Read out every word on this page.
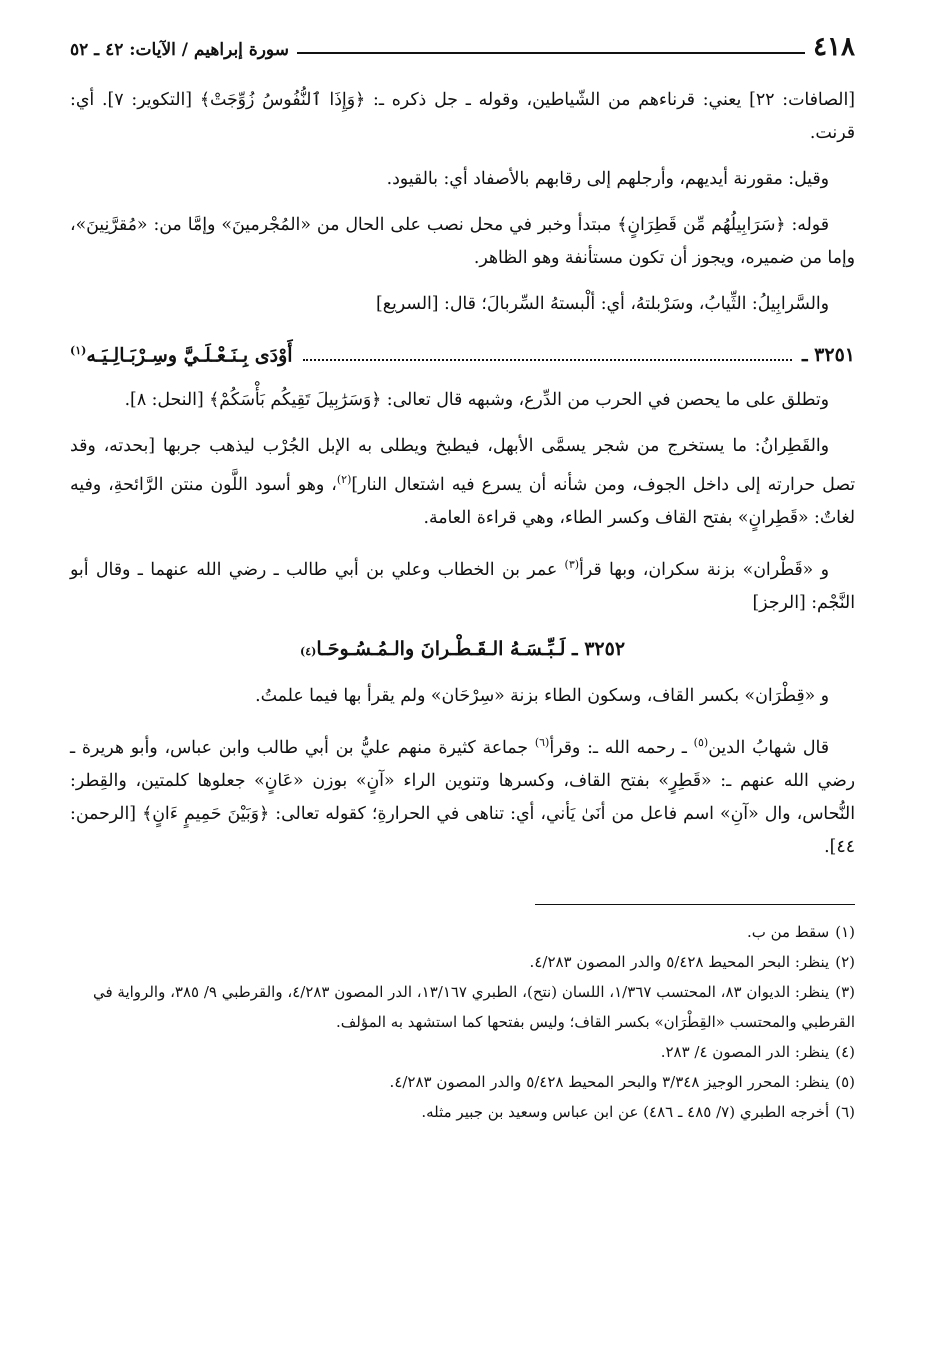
٤١٨
سورة إبراهيم / الآيات: ٤٢ ـ ٥٢

[الصافات: ٢٢] يعني: قرناءهم من الشّياطين، وقوله ـ جل ذكره ـ: ﴿وَإِذَا ٱلنُّفُوسُ زُوِّجَتْ﴾ [التكوير: ٧]. أي: قرنت.

وقيل: مقورنة أيديهم، وأرجلهم إلى رقابهم بالأصفاد أي: بالقيود.

قوله: ﴿سَرَابِيلُهُم مِّن قَطِرَانٍ﴾ مبتدأ وخبر في محل نصب على الحال من «المُجْرمينَ» وإمَّا من: «مُقرَّنِينَ»، وإما من ضميره، ويجوز أن تكون مستأنفة وهو الظاهر.

والسَّرابِيلُ: الثِّيابُ، وسَرْبلتهُ، أي: ألْبستهُ السِّربالَ؛ قال: [السريع]

٣٢٥١ ـ
أَوْدَى بِـنَـعْـلَـيَّ وسِـرْبَـالِـيَـه$^{(١)}$

وتطلق على ما يحصن في الحرب من الدِّرع، وشبهه قال تعالى: ﴿وَسَرَٰبِيلَ تَقِيكُم بَأْسَكُمْ﴾ [النحل: ٨].

والقَطِرانُ: ما يستخرج من شجر يسمَّى الأبهل، فيطبخ ويطلى به الإبل الجُرْب ليذهب جربها [بحدته، وقد تصل حرارته إلى داخل الجوف، ومن شأنه أن يسرع فيه اشتعال النار]$^{(٢)}$، وهو أسود اللَّون منتن الرَّائحةِ، وفيه لغاتٌ: «قَطِرانٍ» بفتح القاف وكسر الطاء، وهي قراءة العامة.

و «قَطْران» بزنة سكران، وبها قرأ$^{(٣)}$ عمر بن الخطاب وعلي بن أبي طالب ـ رضي الله عنهما ـ وقال أبو النَّجْم: [الرجز]

٣٢٥٢ ـ لَـبِّـسَـهُ الـقَـطْـرانَ والـمُـسُـوحَـا
(٤)

و «قِطْرَان» بكسر القاف، وسكون الطاء بزنة «سِرْحَان» ولم يقرأ بها فيما علمتُ.

قال شهابُ الدين$^{(٥)}$ ـ رحمه الله ـ: وقرأ$^{(٦)}$ جماعة كثيرة منهم عليُّ بن أبي طالب وابن عباس، وأبو هريرة ـ رضي الله عنهم ـ: «قَطِرٍ» بفتح القاف، وكسرها وتنوين الراء «آنٍ» بوزن «عَانٍ» جعلوها كلمتين، والقِطر: النُّحاس، وال «آنِ» اسم فاعل من أنَىٰ يَأني، أي: تناهى في الحرارةِ؛ كقوله تعالى: ﴿وَبَيْنَ حَمِيمٍ ءَانٍ﴾ [الرحمن: ٤٤].

(١)سقط من ب.

(٢)ينظر: البحر المحيط ٥/٤٢٨ والدر المصون ٤/٢٨٣.

(٣)ينظر: الديوان ٨٣، المحتسب ١/٣٦٧، اللسان (نتح)، الطبري ١٣/١٦٧، الدر المصون ٤/٢٨٣، والقرطبي ٩/ ٣٨٥، والرواية في القرطبي والمحتسب «القِطْرَان» بكسر القاف؛ وليس بفتحها كما استشهد به المؤلف.

(٤)ينظر: الدر المصون ٤/ ٢٨٣.

(٥)ينظر: المحرر الوجيز ٣/٣٤٨ والبحر المحيط ٥/٤٢٨ والدر المصون ٤/٢٨٣.

(٦)أخرجه الطبري (٧/ ٤٨٥ ـ ٤٨٦) عن ابن عباس وسعيد بن جبير مثله.
